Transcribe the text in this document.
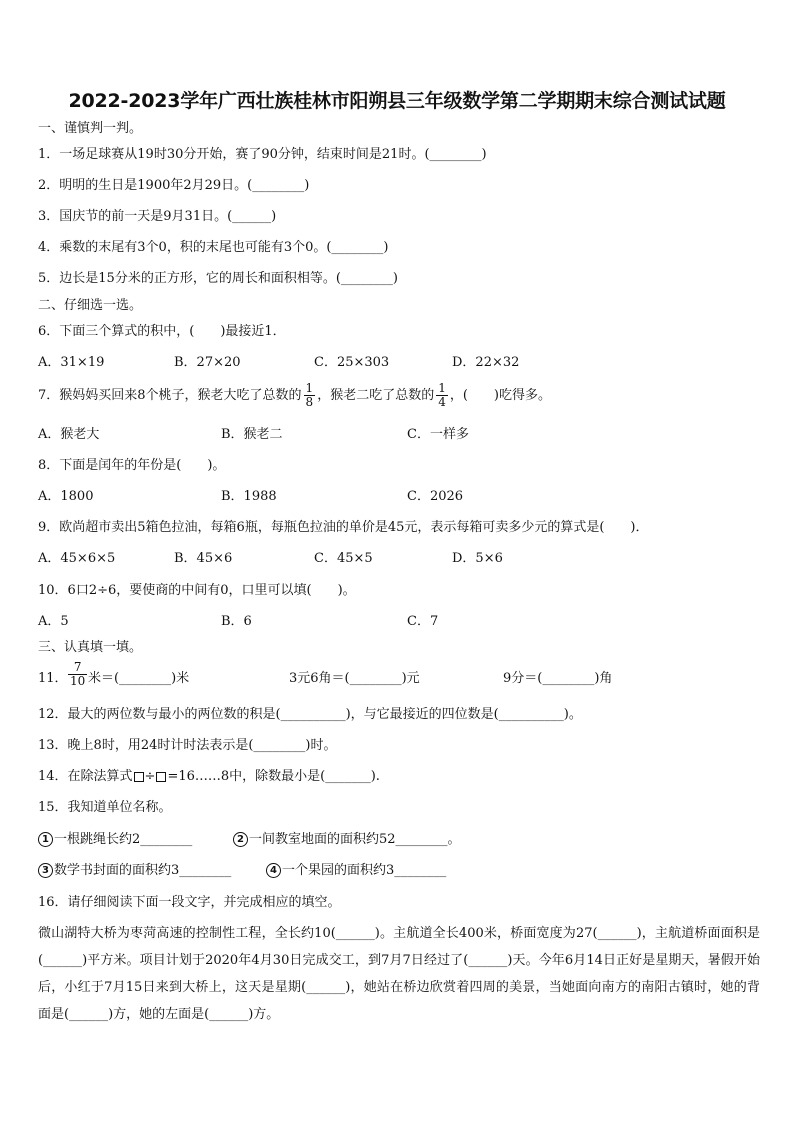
2022-2023学年广西壮族桂林市阳朔县三年级数学第二学期期末综合测试试题
一、谨慎判一判。
1．一场足球赛从19时30分开始，赛了90分钟，结束时间是21时。(________)
2．明明的生日是1900年2月29日。(________)
3．国庆节的前一天是9月31日。(______)
4．乘数的末尾有3个0，积的末尾也可能有3个0。(________)
5．边长是15分米的正方形，它的周长和面积相等。(________)
二、仔细选一选。
6．下面三个算式的积中，(　　)最接近1．
A．31×19	B．27×20	C．25×303	D．22×32
7．猴妈妈买回来8个桃子，猴老大吃了总数的 $\frac{1}{8}$ ，猴老二吃了总数的 $\frac{1}{4}$ ，(　　)吃得多。
A．猴老大	B．猴老二	C．一样多
8．下面是闰年的年份是(　　)。
A．1800	B．1988	C．2026
9．欧尚超市卖出5箱色拉油，每箱6瓶，每瓶色拉油的单价是45元，表示每箱可卖多少元的算式是(　　)．
A．45×6×5	B．45×6	C．45×5	D．5×6
10．6口2÷6，要使商的中间有0，口里可以填(　　)。
A．5	B．6	C．7
三、认真填一填。
11． $\frac{7}{10}$ 米＝(________)米	3元6角＝(________)元	9分＝(________)角
12．最大的两位数与最小的两位数的积是(__________)，与它最接近的四位数是(__________)。
13．晚上8时，用24时计时法表示是(________)时。
14．在除法算式 ÷ =16……8中，除数最小是(_______).
15．我知道单位名称。
1 一根跳绳长约2________	2 一间教室地面的面积约52________。
3 数学书封面的面积约3________	4 一个果园的面积约3________
16．请仔细阅读下面一段文字，并完成相应的填空。
微山湖特大桥为枣菏高速的控制性工程，全长约10(______)。主航道全长400米，桥面宽度为27(______)，主航道桥面面积是(______)平方米。项目计划于2020年4月30日完成交工，到7月7日经过了(______)天。今年6月14日正好是星期天，暑假开始后，小红于7月15日来到大桥上，这天是星期(______)，她站在桥边欣赏着四周的美景，当她面向南方的南阳古镇时，她的背面是(______)方，她的左面是(______)方。
